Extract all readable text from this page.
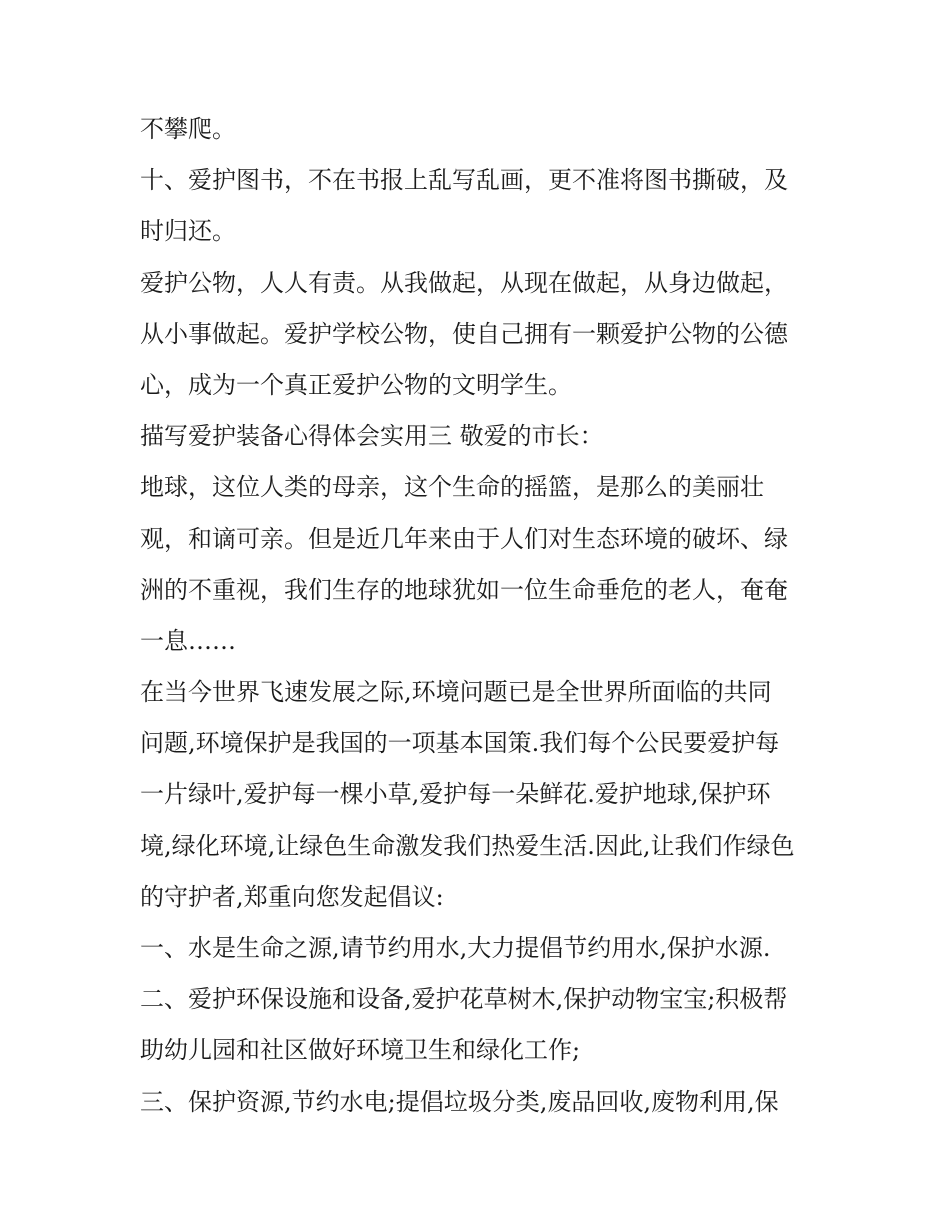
不攀爬。
十、爱护图书，不在书报上乱写乱画，更不准将图书撕破，及
时归还。
爱护公物，人人有责。从我做起，从现在做起，从身边做起，
从小事做起。爱护学校公物，使自己拥有一颗爱护公物的公德
心，成为一个真正爱护公物的文明学生。
描写爱护装备心得体会实用三 敬爱的市长：
地球，这位人类的母亲，这个生命的摇篮，是那么的美丽壮
观，和谪可亲。但是近几年来由于人们对生态环境的破坏、绿
洲的不重视，我们生存的地球犹如一位生命垂危的老人，奄奄
一息……
在当今世界飞速发展之际,环境问题已是全世界所面临的共同
问题,环境保护是我国的一项基本国策.我们每个公民要爱护每
一片绿叶,爱护每一棵小草,爱护每一朵鲜花.爱护地球,保护环
境,绿化环境,让绿色生命激发我们热爱生活.因此,让我们作绿色
的守护者,郑重向您发起倡议:
一、水是生命之源,请节约用水,大力提倡节约用水,保护水源.
二、爱护环保设施和设备,爱护花草树木,保护动物宝宝;积极帮
助幼儿园和社区做好环境卫生和绿化工作;
三、保护资源,节约水电;提倡垃圾分类,废品回收,废物利用,保
